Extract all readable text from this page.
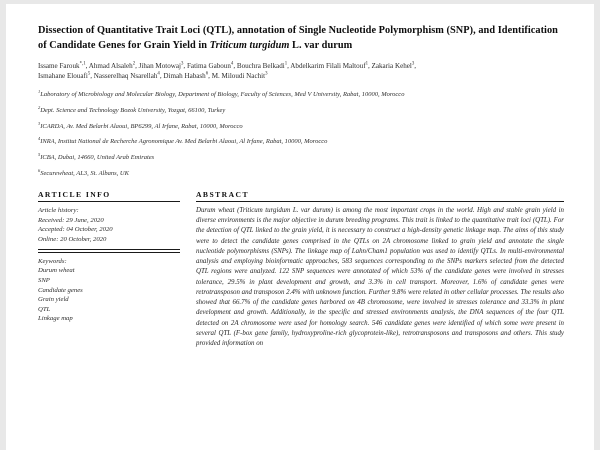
Dissection of Quantitative Trait Loci (QTL), annotation of Single Nucleotide Polymorphism (SNP), and Identification of Candidate Genes for Grain Yield in Triticum turgidum L. var durum
Issame Farouk$^{*,1}$, Ahmad Alsaleh$^2$, Jihan Motowaj$^3$, Fatima Gaboun$^4$, Bouchra Belkadi$^1$, Abdelkarim Filali Maltouf$^1$, Zakaria Kehel$^3$,
Ismahane Elouafi$^5$, Nasserelhaq Nsarellah$^4$, Dimah Habash$^6$, M. Miloudi Nachit$^3$
$^1$Laboratory of Microbiology and Molecular Biology, Department of Biology, Faculty of Sciences, Med V University, Rabat, 10000, Morocco
$^2$Dept. Science and Technology Bozok University, Yozgat, 66100, Turkey
$^3$ICARDA, Av. Med Belarbi Alaoui, BP6299, Al Irfane, Rabat, 10000, Morocco
$^4$INRA, Institut National de Recherche Agronomique Av. Med Belarbi Alaoui, Al Irfane, Rabat, 10000, Morocco
$^5$ICBA, Dubai, 14660, United Arab Emirates
$^6$Securewheat, AL3, St. Albans, UK
ARTICLE INFO
Article history:
Received: 29 June, 2020
Accepted: 04 October, 2020
Online: 20 October, 2020
Keywords:
Durum wheat
SNP
Candidate genes
Grain yield
QTL
Linkage map
ABSTRACT
Durum wheat (Triticum turgidum L. var durum) is among the most important crops in the world. High and stable grain yield in diverse environments is the major objective in durum breeding programs. This trait is linked to the quantitative trait loci (QTL). For the detection of QTL linked to the grain yield, it is necessary to construct a high-density genetic linkage map. The aims of this study were to detect the candidate genes comprised in the QTLs on 2A chromosome linked to grain yield and annotate the single nucleotide polymorphisms (SNPs). The linkage map of Lahn/Cham1 population was used to identify QTLs. In multi-environmental analysis and employing bioinformatic approaches, 583 sequences corresponding to the SNPs markers selected from the detected QTL regions were analyzed. 122 SNP sequences were annotated of which 53% of the candidate genes were involved in stresses tolerance, 29.5% in plant development and growth, and 3.3% in cell transport. Moreover, 1.6% of candidate genes were retrotransposon and transposon 2.4% with unknown function. Further 9.8% were related in other cellular processes. The results also showed that 66.7% of the candidate genes harbored on 4B chromosome, were involved in stresses tolerance and 33.3% in plant development and growth. Additionally, in the specific and stressed environments analysis, the DNA sequences of the four QTL detected on 2A chromosome were used for homology search. 546 candidate genes were identified of which some were present in several QTL (F-box gene family, hydroxyproline-rich glycoprotein-like), retrotransposons and transposons and others. This study provided information on
